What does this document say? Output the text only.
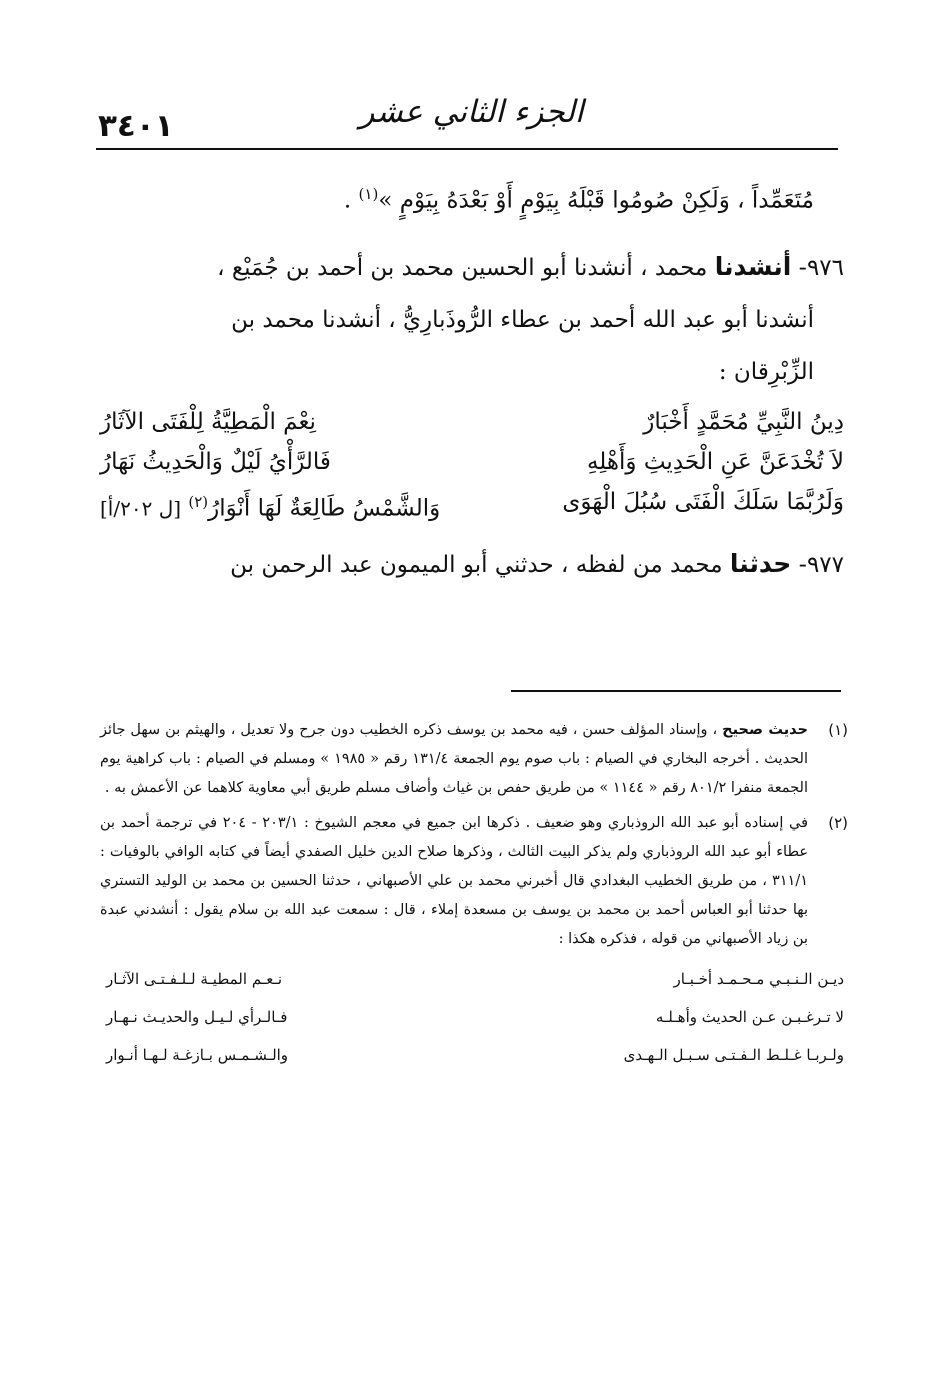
١٠٤٣	الجزء الثاني عشر

مُتَعَمِّداً ، وَلَكِنْ صُومُوا قَبْلَهُ بِيَوْمٍ أَوْ بَعْدَهُ بِيَوْمٍ »$^{(١)}$ .

٩٧٦- أنشدنا محمد ، أنشدنا أبو الحسين محمد بن أحمد بن جُمَيْع ،

أنشدنا أبو عبد الله أحمد بن عطاء الرُّوذَبارِيُّ ، أنشدنا محمد بن

الزِّبْرِقان :

دِينُ النَّبِيِّ مُحَمَّدٍ أَخْبَارٌ
نِعْمَ الْمَطِيَّةُ لِلْفَتَى الآثَارُ
لاَ تُخْدَعَنَّ عَنِ الْحَدِيثِ وَأَهْلِهِ
فَالرَّأْيُ لَيْلٌ وَالْحَدِيثُ نَهَارُ
وَلَرُبَّمَا سَلَكَ الْفَتَى سُبُلَ الْهَوَى
وَالشَّمْسُ طَالِعَةٌ لَهَا أَنْوَارُ$^{(٢)}$ [ل ٢٠٢/أ]

٩٧٧- حدثنا محمد من لفظه ، حدثني أبو الميمون عبد الرحمن بن

(١)
حديث صحيح ، وإسناد المؤلف حسن ، فيه محمد بن يوسف ذكره الخطيب دون جرح ولا تعديل ، والهيثم بن سهل جائز الحديث . أخرجه البخاري في الصيام : باب صوم يوم الجمعة ١٣١/٤ رقم « ١٩٨٥ » ومسلم في الصيام : باب كراهية يوم الجمعة منفرا ٨٠١/٢ رقم « ١١٤٤ » من طريق حفص بن غياث وأضاف مسلم طريق أبي معاوية كلاهما عن الأعمش به .
(٢)
في إسناده أبو عبد الله الروذباري وهو ضعيف . ذكرها ابن جميع في معجم الشيوخ : ٢٠٣/١ - ٢٠٤ في ترجمة أحمد بن عطاء أبو عبد الله الروذباري ولم يذكر البيت الثالث ، وذكرها صلاح الدين خليل الصفدي أيضاً في كتابه الوافي بالوفيات : ٣١١/١ ، من طريق الخطيب البغدادي قال أخبرني محمد بن علي الأصبهاني ، حدثنا الحسين بن محمد بن الوليد التستري بها حدثنا أبو العباس أحمد بن محمد بن يوسف بن مسعدة إملاء ، قال : سمعت عبد الله بن سلام يقول : أنشدني عبدة بن زياد الأصبهاني من قوله ، فذكره هكذا :
ديـن الـنـبـي مـحـمـد أخـبـار
نـعـم المطيـة لـلـفـتـى الآثـار
لا تـرغـبـن عـن الحديث وأهـلـه
فـالـرأي لـيـل والحديـث نـهـار
ولـربـا غـلـط الـفـتـى سـبـل الـهـدى
والـشـمـس بـازغـة لـهـا أنـوار
